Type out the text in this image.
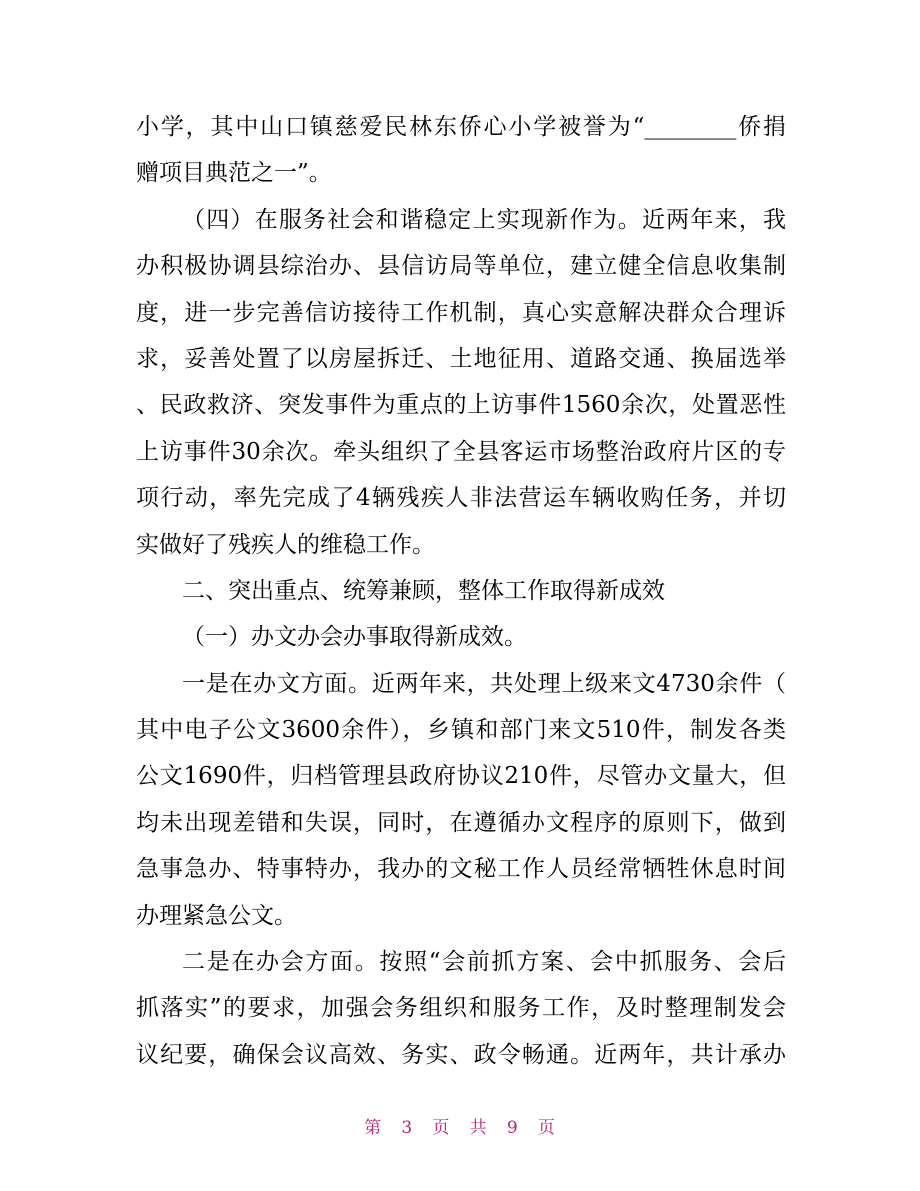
小学，其中山口镇慈爱民林东侨心小学被誉为“________侨捐
赠项目典范之一”。
（四）在服务社会和谐稳定上实现新作为。近两年来，我
办积极协调县综治办、县信访局等单位，建立健全信息收集制
度，进一步完善信访接待工作机制，真心实意解决群众合理诉
求，妥善处置了以房屋拆迁、土地征用、道路交通、换届选举
、民政救济、突发事件为重点的上访事件1560余次，处置恶性
上访事件30余次。牵头组织了全县客运市场整治政府片区的专
项行动，率先完成了4辆残疾人非法营运车辆收购任务，并切
实做好了残疾人的维稳工作。
二、突出重点、统筹兼顾，整体工作取得新成效
（一）办文办会办事取得新成效。
一是在办文方面。近两年来，共处理上级来文4730余件（
其中电子公文3600余件），乡镇和部门来文510件，制发各类
公文1690件，归档管理县政府协议210件，尽管办文量大，但
均未出现差错和失误，同时，在遵循办文程序的原则下，做到
急事急办、特事特办，我办的文秘工作人员经常牺牲休息时间
办理紧急公文。
二是在办会方面。按照“会前抓方案、会中抓服务、会后
抓落实”的要求，加强会务组织和服务工作，及时整理制发会
议纪要，确保会议高效、务实、政令畅通。近两年，共计承办
第 3 页 共 9 页
